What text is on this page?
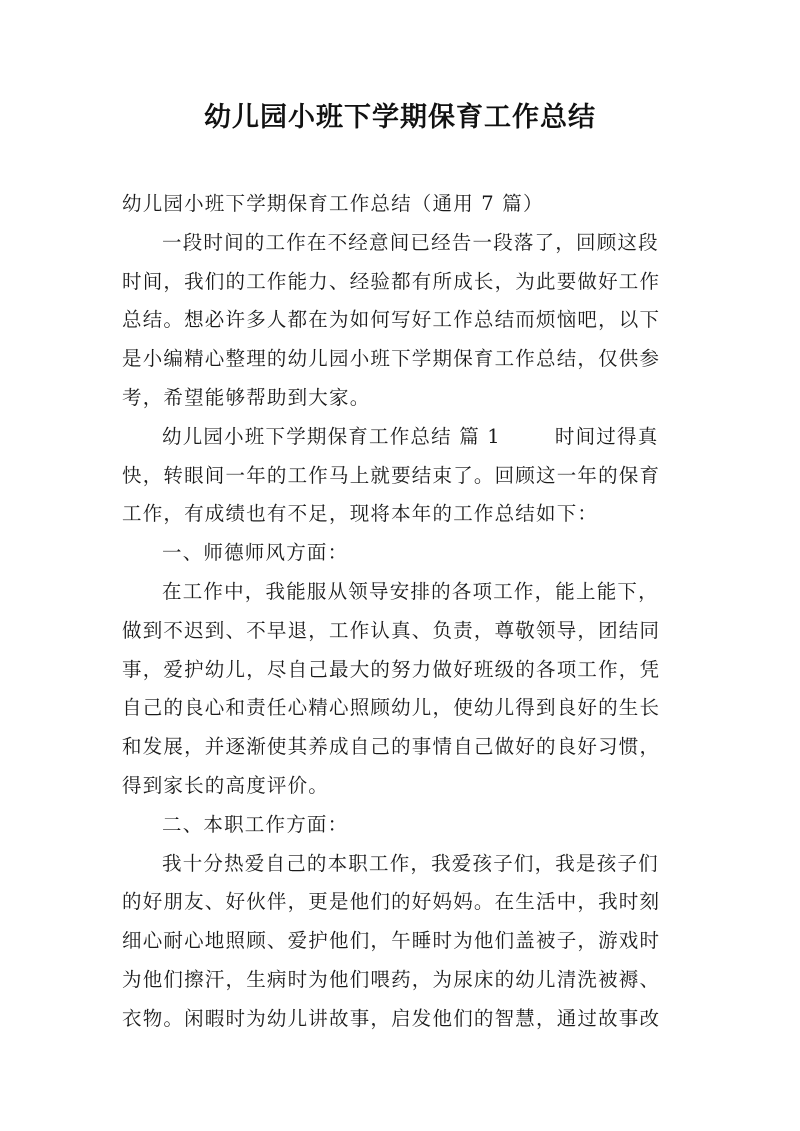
幼儿园小班下学期保育工作总结
幼儿园小班下学期保育工作总结（通用 7 篇）
一段时间的工作在不经意间已经告一段落了，回顾这段
时间，我们的工作能力、经验都有所成长，为此要做好工作
总结。想必许多人都在为如何写好工作总结而烦恼吧，以下
是小编精心整理的幼儿园小班下学期保育工作总结，仅供参
考，希望能够帮助到大家。
幼儿园小班下学期保育工作总结 篇 1	时间过得真
快，转眼间一年的工作马上就要结束了。回顾这一年的保育
工作，有成绩也有不足，现将本年的工作总结如下：
一、师德师风方面：
在工作中，我能服从领导安排的各项工作，能上能下，
做到不迟到、不早退，工作认真、负责，尊敬领导，团结同
事，爱护幼儿，尽自己最大的努力做好班级的各项工作，凭
自己的良心和责任心精心照顾幼儿，使幼儿得到良好的生长
和发展，并逐渐使其养成自己的事情自己做好的良好习惯，
得到家长的高度评价。
二、本职工作方面：
我十分热爱自己的本职工作，我爱孩子们，我是孩子们
的好朋友、好伙伴，更是他们的好妈妈。在生活中，我时刻
细心耐心地照顾、爱护他们，午睡时为他们盖被子，游戏时
为他们擦汗，生病时为他们喂药，为尿床的幼儿清洗被褥、
衣物。闲暇时为幼儿讲故事，启发他们的智慧，通过故事改
